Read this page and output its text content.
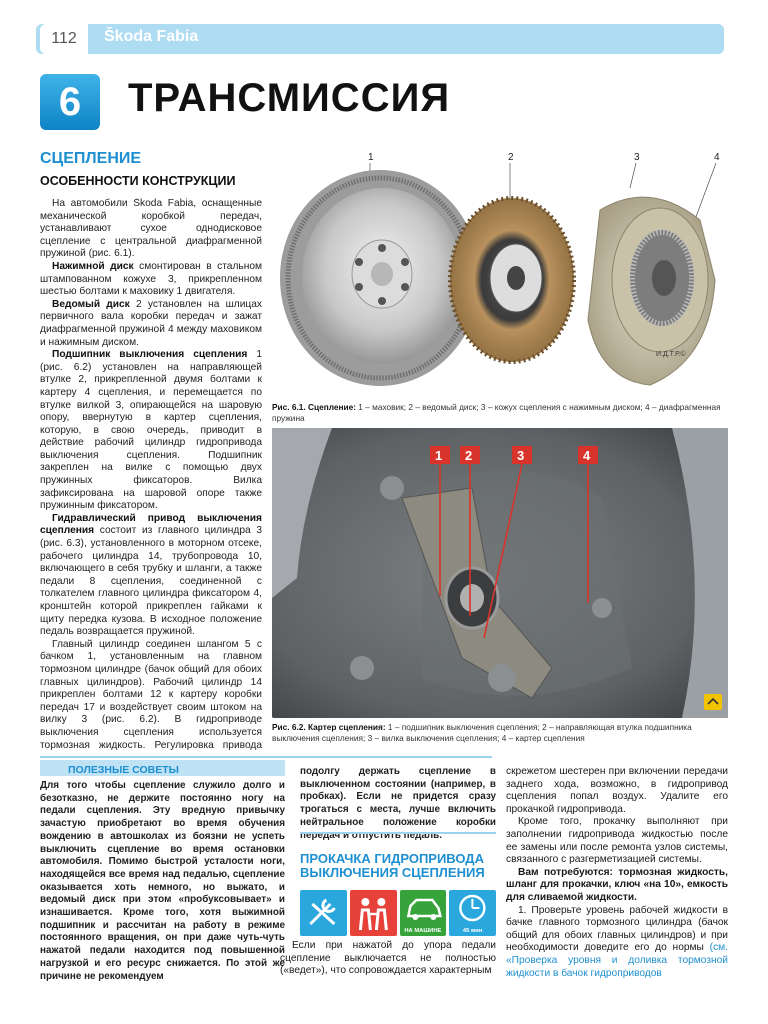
112	Škoda Fabia
6	ТРАНСМИССИЯ
СЦЕПЛЕНИЕ
ОСОБЕННОСТИ КОНСТРУКЦИИ

На автомобили Škoda Fabia, оснащенные механической коробкой передач, устанавливают сухое однодисковое сцепление с центральной диафрагменной пружиной (рис. 6.1).

Нажимной диск смонтирован в стальном штампованном кожухе 3, прикрепленном шестью болтами к маховику 1 двигателя.

Ведомый диск 2 установлен на шлицах первичного вала коробки передач и зажат диафрагменной пружиной 4 между маховиком и нажимным диском.

Подшипник выключения сцепления 1 (рис. 6.2) установлен на направляющей втулке 2, прикрепленной двумя болтами к картеру 4 сцепления, и перемещается по втулке вилкой 3, опирающейся на шаровую опору, ввернутую в картер сцепления, которую, в свою очередь, приводит в действие рабочий цилиндр гидропривода выключения сцепления. Подшипник закреплен на вилке с помощью двух пружинных фиксаторов. Вилка зафиксирована на шаровой опоре также пружинным фиксатором.

Гидравлический привод выключения сцепления состоит из главного цилиндра 3 (рис. 6.3), установленного в моторном отсеке, рабочего цилиндра 14, трубопровода 10, включающего в себя трубку и шланги, а также педали 8 сцепления, соединенной с толкателем главного цилиндра фиксатором 4, кронштейн которой прикреплен гайками к щиту передка кузова. В исходное положение педаль возвращается пружиной.

Главный цилиндр соединен шлангом 5 с бачком 1, установленным на главном тормозном цилиндре (бачок общий для обоих главных цилиндров). Рабочий цилиндр 14 прикреплен болтами 12 к картеру коробки передач 17 и воздействует своим штоком на вилку 3 (рис. 6.2). В гидроприводе выключения сцепления используется тормозная жидкость. Регулировка привода

1	2	3	4
И.Д.Т.Р.©
Рис. 6.1. Сцепление: 1 – маховик; 2 – ведомый диск; 3 – кожух сцепления с нажимным диском; 4 – диафрагменная пружина
1 2	3	4
Рис. 6.2. Картер сцепления: 1 – подшипник выключения сцепления; 2 – направляющая втулка подшипника выключения сцепления; 3 – вилка выключения сцепления; 4 – картер сцепления
ПОЛЕЗНЫЕ СОВЕТЫ
Для того чтобы сцепление служило долго и безотказно, не держите постоянно ногу на педали сцепления. Эту вредную привычку зачастую приобретают во время обучения вождению в автошколах из боязни не успеть выключить сцепление во время остановки автомобиля. Помимо быстрой усталости ноги, находящейся все время над педалью, сцепление оказывается хоть немного, но выжато, и ведомый диск при этом «пробуксовывает» и изнашивается. Кроме того, хотя выжимной подшипник и рассчитан на работу в режиме постоянного вращения, он при даже чуть-чуть нажатой педали находится под повышенной нагрузкой и его ресурс снижается. По этой же причине не рекомендуем
подолгу держать сцепление в выключенном состоянии (например, в пробках). Если не придется сразу трогаться с места, лучше включить нейтральное положение коробки передач и отпустить педаль.
ПРОКАЧКА ГИДРОПРИВОДА ВЫКЛЮЧЕНИЯ СЦЕПЛЕНИЯ
НА МАШИНЕ	45 мин

Если при нажатой до упора педали сцепление выключается не полностью («ведет»), что сопровождается характерным

скрежетом шестерен при включении передачи заднего хода, возможно, в гидропривод сцепления попал воздух. Удалите его прокачкой гидропривода.

Кроме того, прокачку выполняют при заполнении гидропривода жидкостью после ее замены или после ремонта узлов системы, связанного с разгерметизацией системы.

Вам потребуются: тормозная жидкость, шланг для прокачки, ключ «на 10», емкость для сливаемой жидкости.

1. Проверьте уровень рабочей жидкости в бачке главного тормозного цилиндра (бачок общий для обоих главных цилиндров) и при необходимости доведите его до нормы (см. «Проверка уровня и доливка тормозной жидкости в бачок гидроприводов
